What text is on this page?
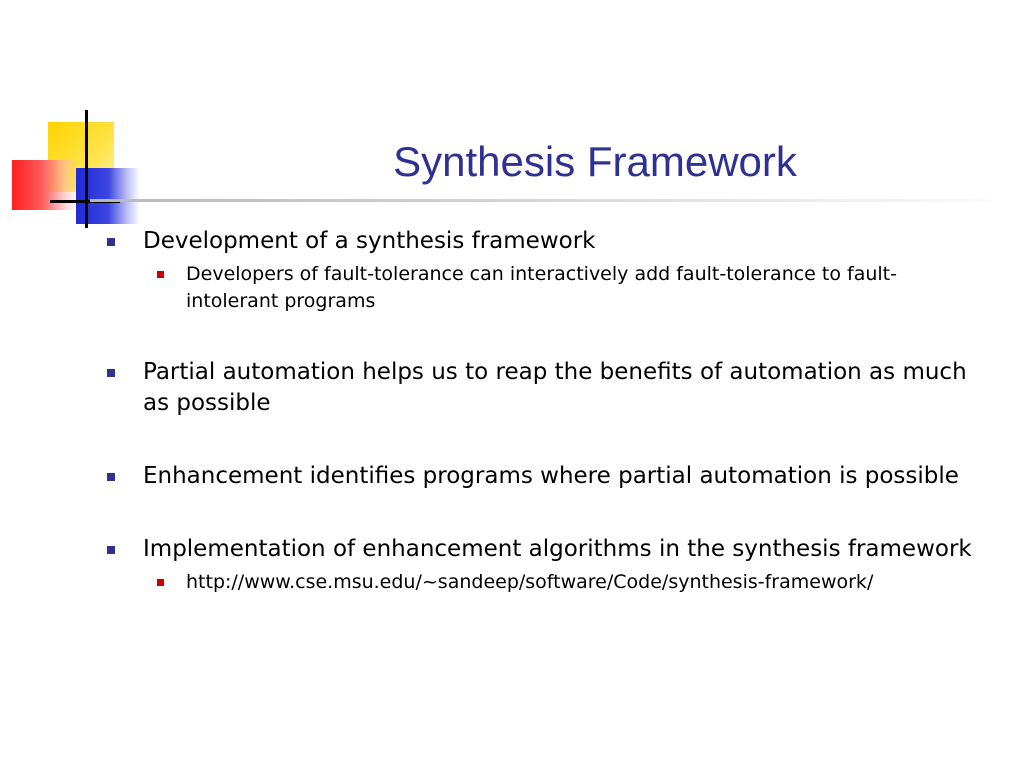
Synthesis Framework
Development of a synthesis framework
Developers of fault-tolerance can interactively add fault-tolerance to fault-intolerant programs
Partial automation helps us to reap the benefits of automation as much as possible
Enhancement identifies programs where partial automation is possible
Implementation of enhancement algorithms in the synthesis framework
http://www.cse.msu.edu/~sandeep/software/Code/synthesis-framework/
